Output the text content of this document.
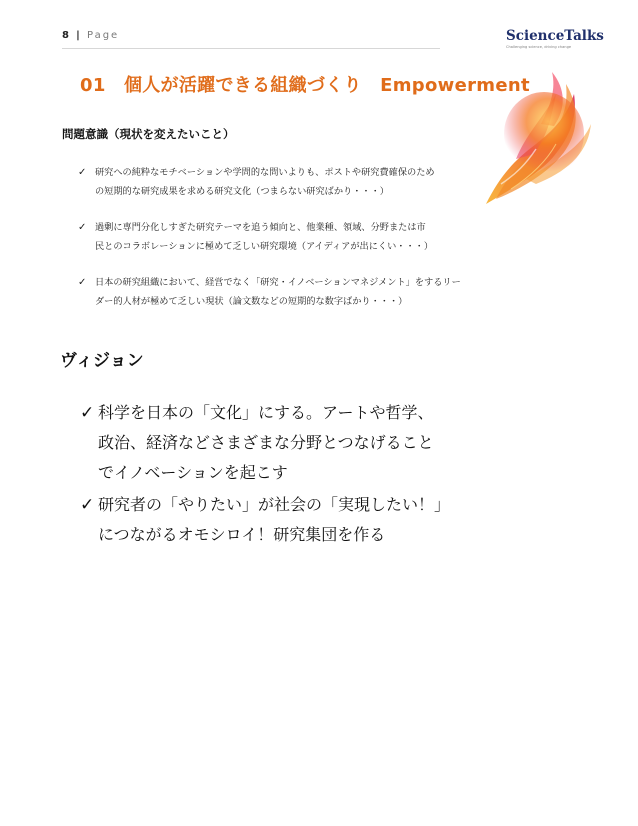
8 | Page	ScienceTalks
Challenging science, driving change
01　個人が活躍できる組織づくり　Empowerment
問題意識（現状を変えたいこと）
✓ 研究への純粋なモチベーションや学問的な問いよりも、ポストや研究費確保のため
の短期的な研究成果を求める研究文化（つまらない研究ばかり・・・）
✓ 過剰に専門分化しすぎた研究テーマを追う傾向と、他業種、領域、分野または市
民とのコラボレーションに極めて乏しい研究環境（アイディアが出にくい・・・）
✓ 日本の研究組織において、経営でなく「研究・イノベーションマネジメント」をするリー
ダー的人材が極めて乏しい現状（論文数などの短期的な数字ばかり・・・）
ヴィジョン
✓ 科学を日本の「文化」にする。アートや哲学、
政治、経済などさまざまな分野とつなげること
でイノベーションを起こす
✓ 研究者の「やりたい」が社会の「実現したい！」
につながるオモシロイ！研究集団を作る
